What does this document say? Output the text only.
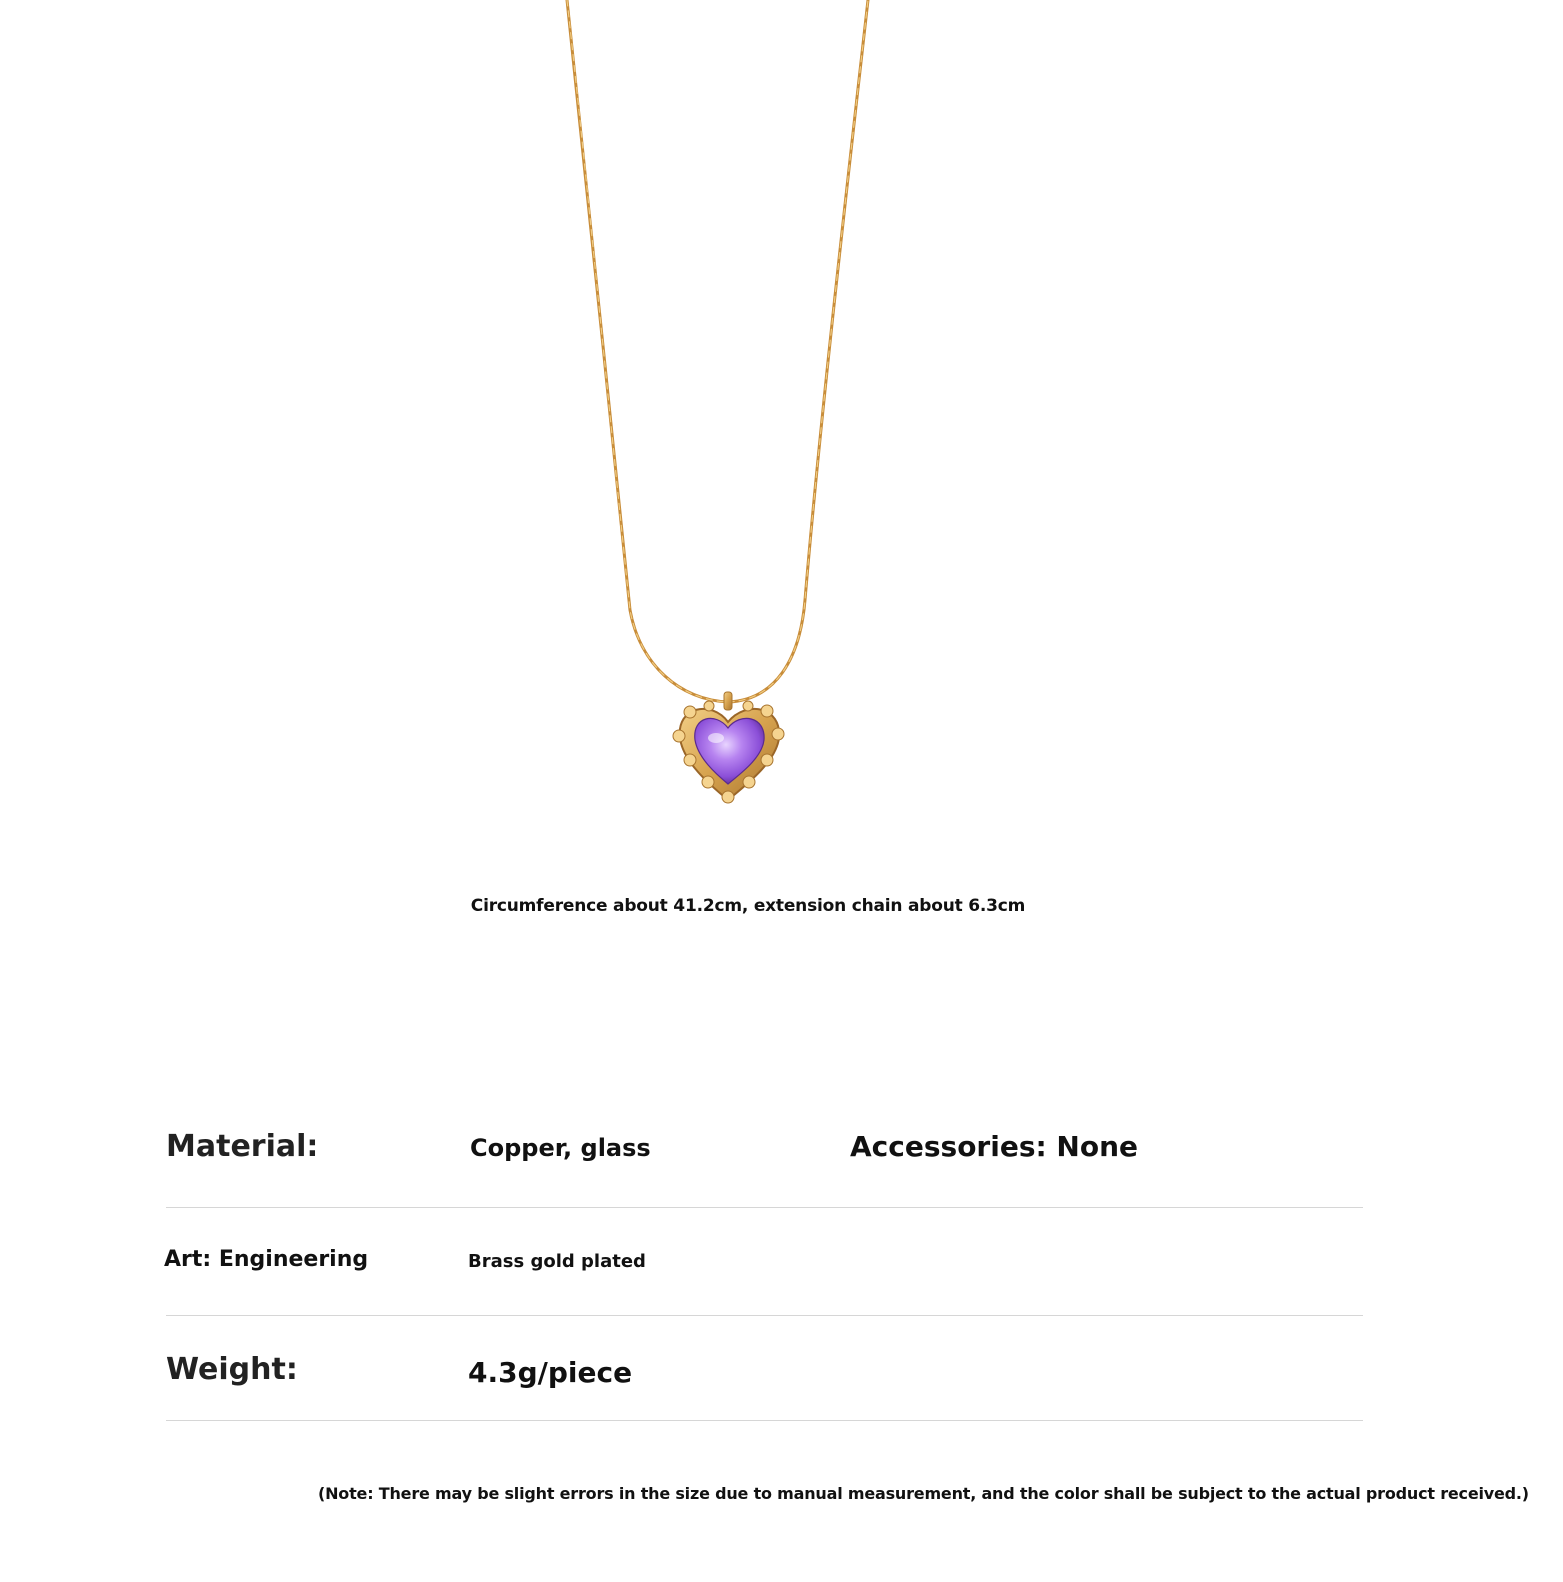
Circumference about 41.2cm, extension chain about 6.3cm
Material:	Copper, glass	Accessories: None
Art: Engineering	Brass gold plated
Weight:	4.3g/piece
(Note: There may be slight errors in the size due to manual measurement, and the color shall be subject to the actual product received.)
